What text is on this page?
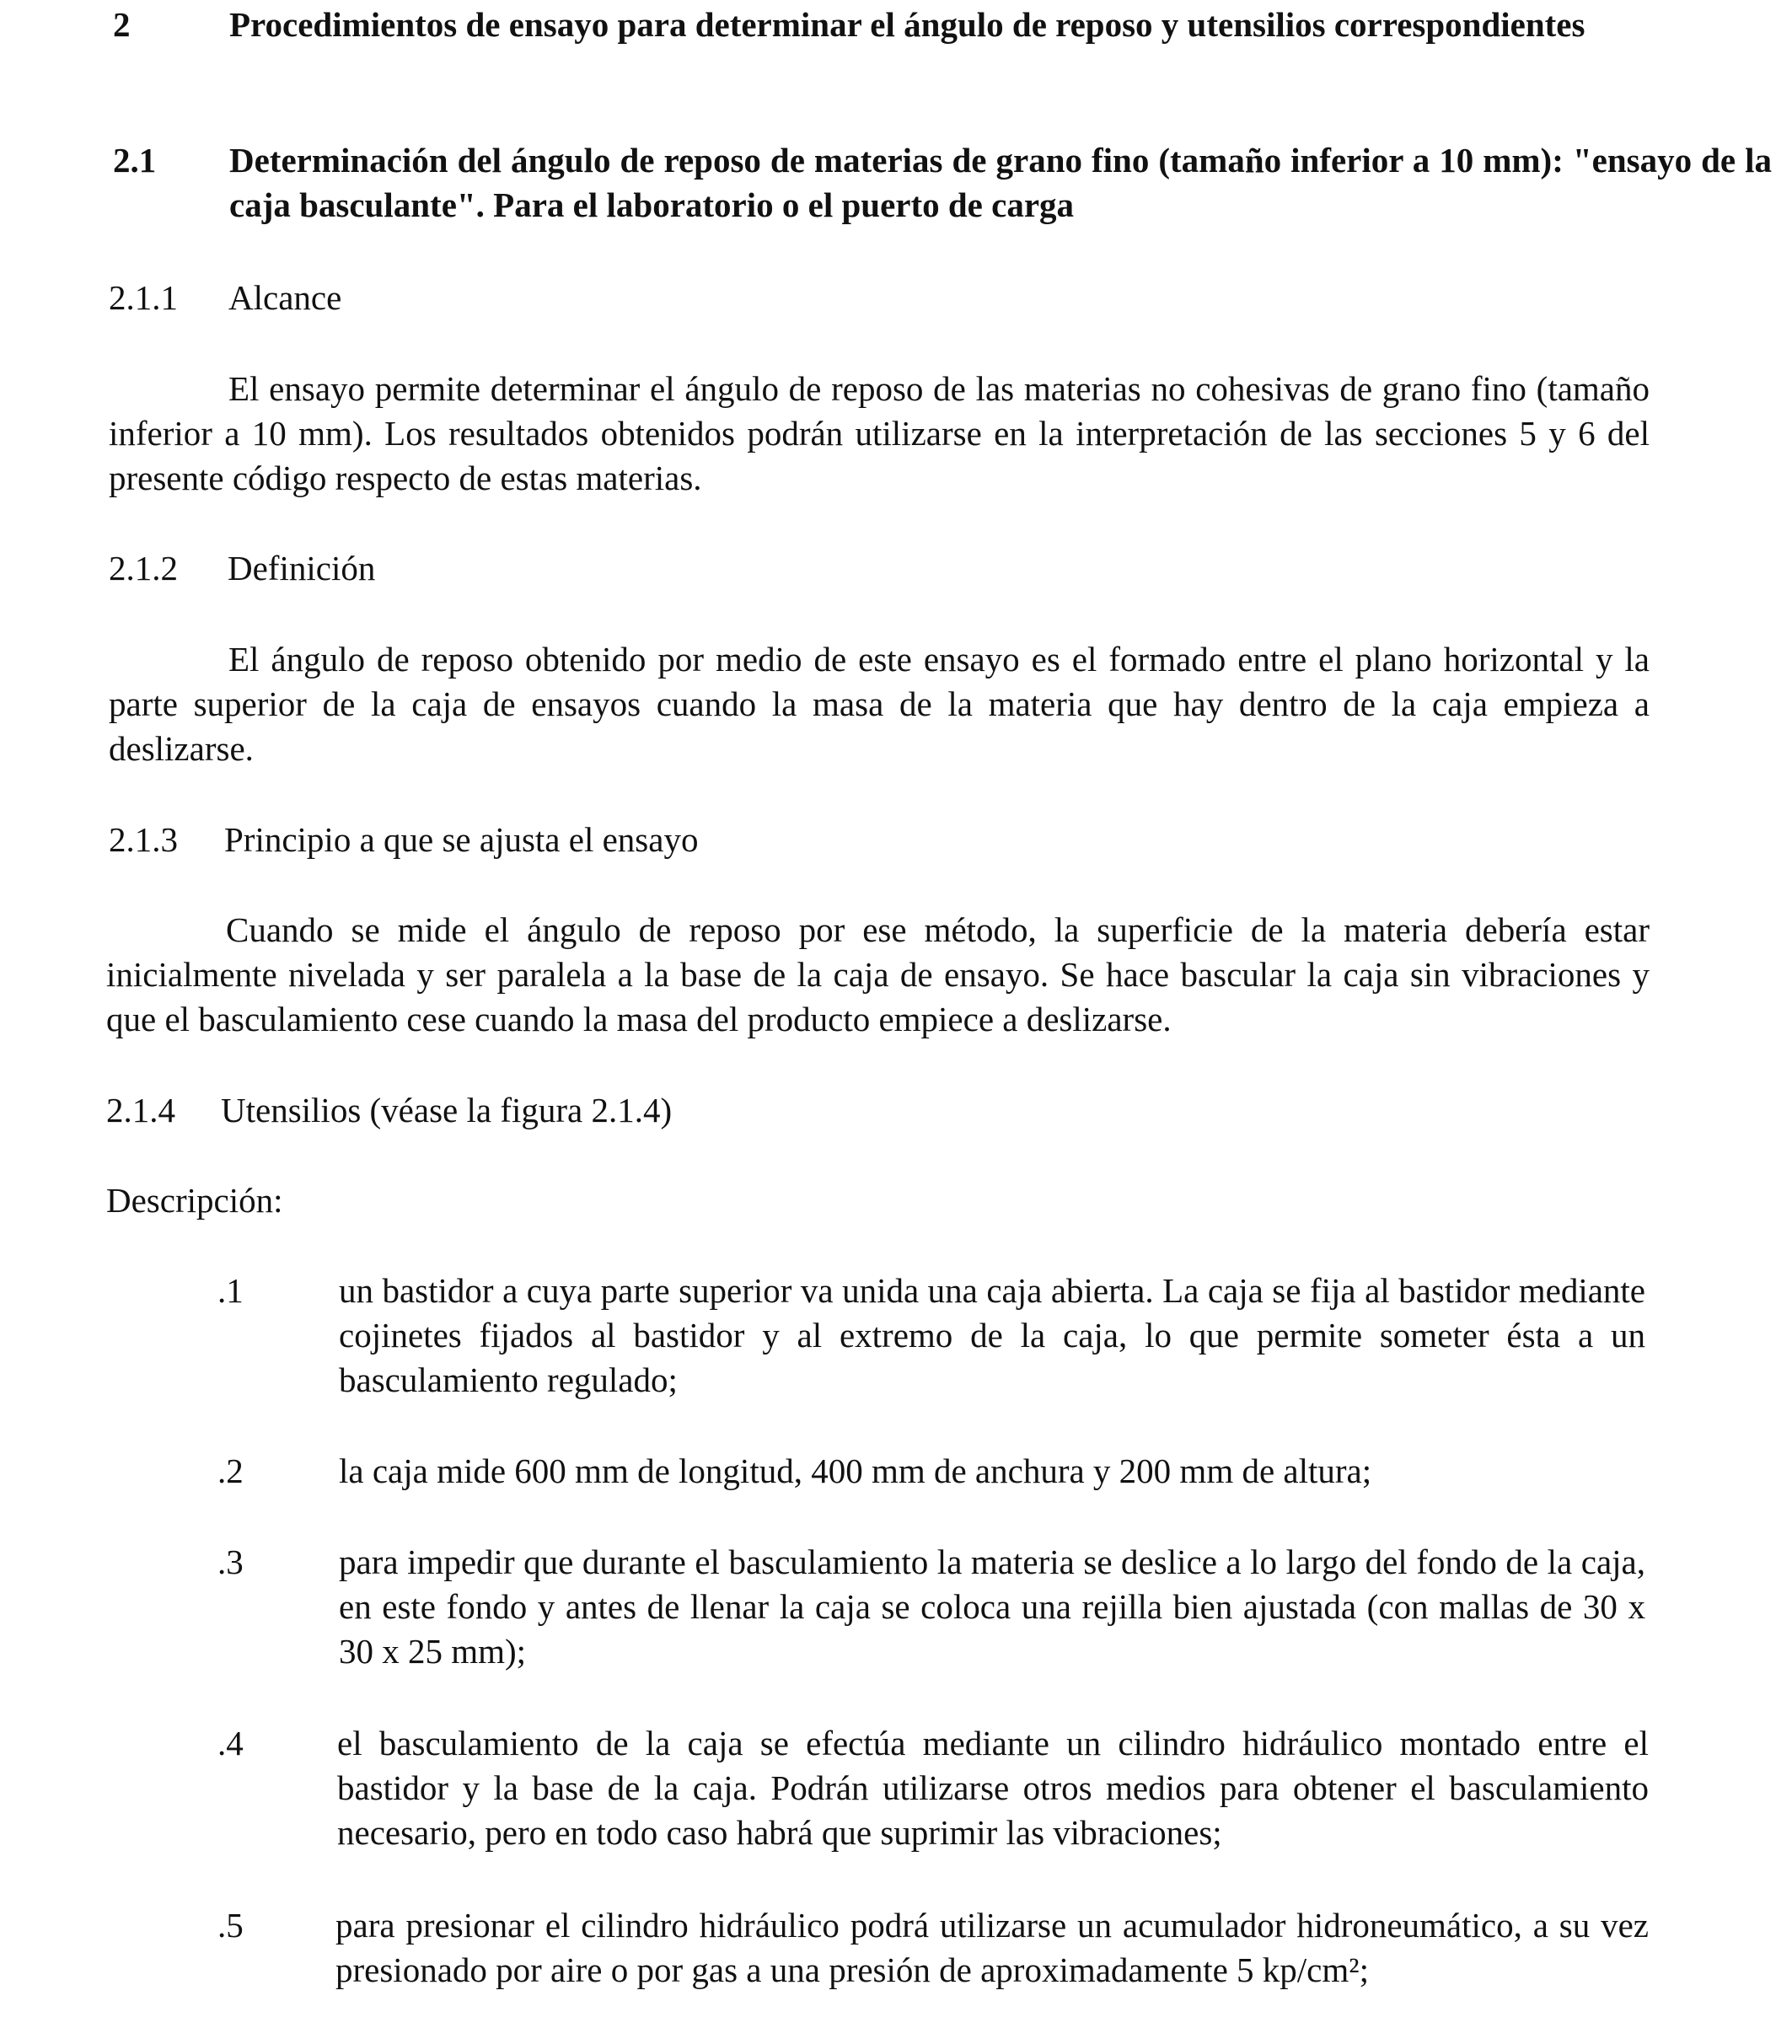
2	Procedimientos de ensayo para determinar el ángulo de reposo y utensilios correspondientes
2.1 Determinación del ángulo de reposo de materias de grano fino (tamaño inferior a 10 mm): "ensayo de la caja basculante". Para el laboratorio o el puerto de carga
2.1.1 Alcance
El ensayo permite determinar el ángulo de reposo de las materias no cohesivas de grano fino (tamaño inferior a 10 mm). Los resultados obtenidos podrán utilizarse en la interpretación de las secciones 5 y 6 del presente código respecto de estas materias.
2.1.2 Definición
El ángulo de reposo obtenido por medio de este ensayo es el formado entre el plano horizontal y la parte superior de la caja de ensayos cuando la masa de la materia que hay dentro de la caja empieza a deslizarse.
2.1.3 Principio a que se ajusta el ensayo
Cuando se mide el ángulo de reposo por ese método, la superficie de la materia debería estar inicialmente nivelada y ser paralela a la base de la caja de ensayo. Se hace bascular la caja sin vibraciones y que el basculamiento cese cuando la masa del producto empiece a deslizarse.
2.1.4 Utensilios (véase la figura 2.1.4)
Descripción:
.1	un bastidor a cuya parte superior va unida una caja abierta. La caja se fija al bastidor mediante cojinetes fijados al bastidor y al extremo de la caja, lo que permite someter ésta a un basculamiento regulado;
.2	la caja mide 600 mm de longitud, 400 mm de anchura y 200 mm de altura;
.3	para impedir que durante el basculamiento la materia se deslice a lo largo del fondo de la caja, en este fondo y antes de llenar la caja se coloca una rejilla bien ajustada (con mallas de 30 x 30 x 25 mm);
.4	el basculamiento de la caja se efectúa mediante un cilindro hidráulico montado entre el bastidor y la base de la caja. Podrán utilizarse otros medios para obtener el basculamiento necesario, pero en todo caso habrá que suprimir las vibraciones;
.5	para presionar el cilindro hidráulico podrá utilizarse un acumulador hidroneumático, a su vez presionado por aire o por gas a una presión de aproximadamente 5 kp/cm²;
